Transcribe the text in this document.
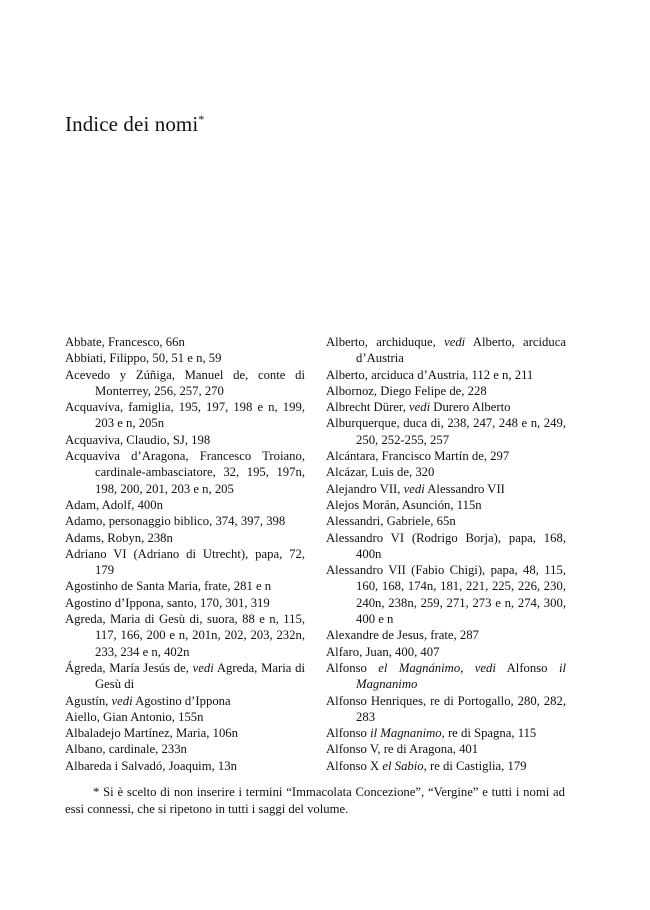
Indice dei nomi*

Abbate, Francesco, 66n

Abbiati, Filippo, 50, 51 e n, 59

Acevedo y Zúñiga, Manuel de, conte di Monterrey, 256, 257, 270

Acquaviva, famiglia, 195, 197, 198 e n, 199, 203 e n, 205n

Acquaviva, Claudio, SJ, 198

Acquaviva d’Aragona, Francesco Troiano, cardinale-ambasciatore, 32, 195, 197n, 198, 200, 201, 203 e n, 205

Adam, Adolf, 400n

Adamo, personaggio biblico, 374, 397, 398

Adams, Robyn, 238n

Adriano VI (Adriano di Utrecht), papa, 72, 179

Agostinho de Santa Maria, frate, 281 e n

Agostino d’Ippona, santo, 170, 301, 319

Agreda, Maria di Gesù di, suora, 88 e n, 115, 117, 166, 200 e n, 201n, 202, 203, 232n, 233, 234 e n, 402n

Ágreda, María Jesús de, vedi Agreda, Maria di Gesù di

Agustín, vedi Agostino d’Ippona

Aiello, Gian Antonio, 155n

Albaladejo Martínez, Maria, 106n

Albano, cardinale, 233n

Albareda i Salvadó, Joaquim, 13n

Alberto, archiduque, vedi Alberto, arciduca d’Austria

Alberto, arciduca d’Austria, 112 e n, 211

Albornoz, Diego Felipe de, 228

Albrecht Dürer, vedi Durero Alberto

Alburquerque, duca di, 238, 247, 248 e n, 249, 250, 252-255, 257

Alcántara, Francisco Martín de, 297

Alcázar, Luis de, 320

Alejandro VII, vedi Alessandro VII

Alejos Morán, Asunción, 115n

Alessandri, Gabriele, 65n

Alessandro VI (Rodrigo Borja), papa, 168, 400n

Alessandro VII (Fabio Chigi), papa, 48, 115, 160, 168, 174n, 181, 221, 225, 226, 230, 240n, 238n, 259, 271, 273 e n, 274, 300, 400 e n

Alexandre de Jesus, frate, 287

Alfaro, Juan, 400, 407

Alfonso el Magnánimo, vedi Alfonso il Magnanimo

Alfonso Henriques, re di Portogallo, 280, 282, 283

Alfonso il Magnanimo, re di Spagna, 115

Alfonso V, re di Aragona, 401

Alfonso X el Sabio, re di Castiglia, 179

* Si è scelto di non inserire i termini “Immacolata Concezione”, “Vergine” e tutti i nomi ad essi connessi, che si ripetono in tutti i saggi del volume.
